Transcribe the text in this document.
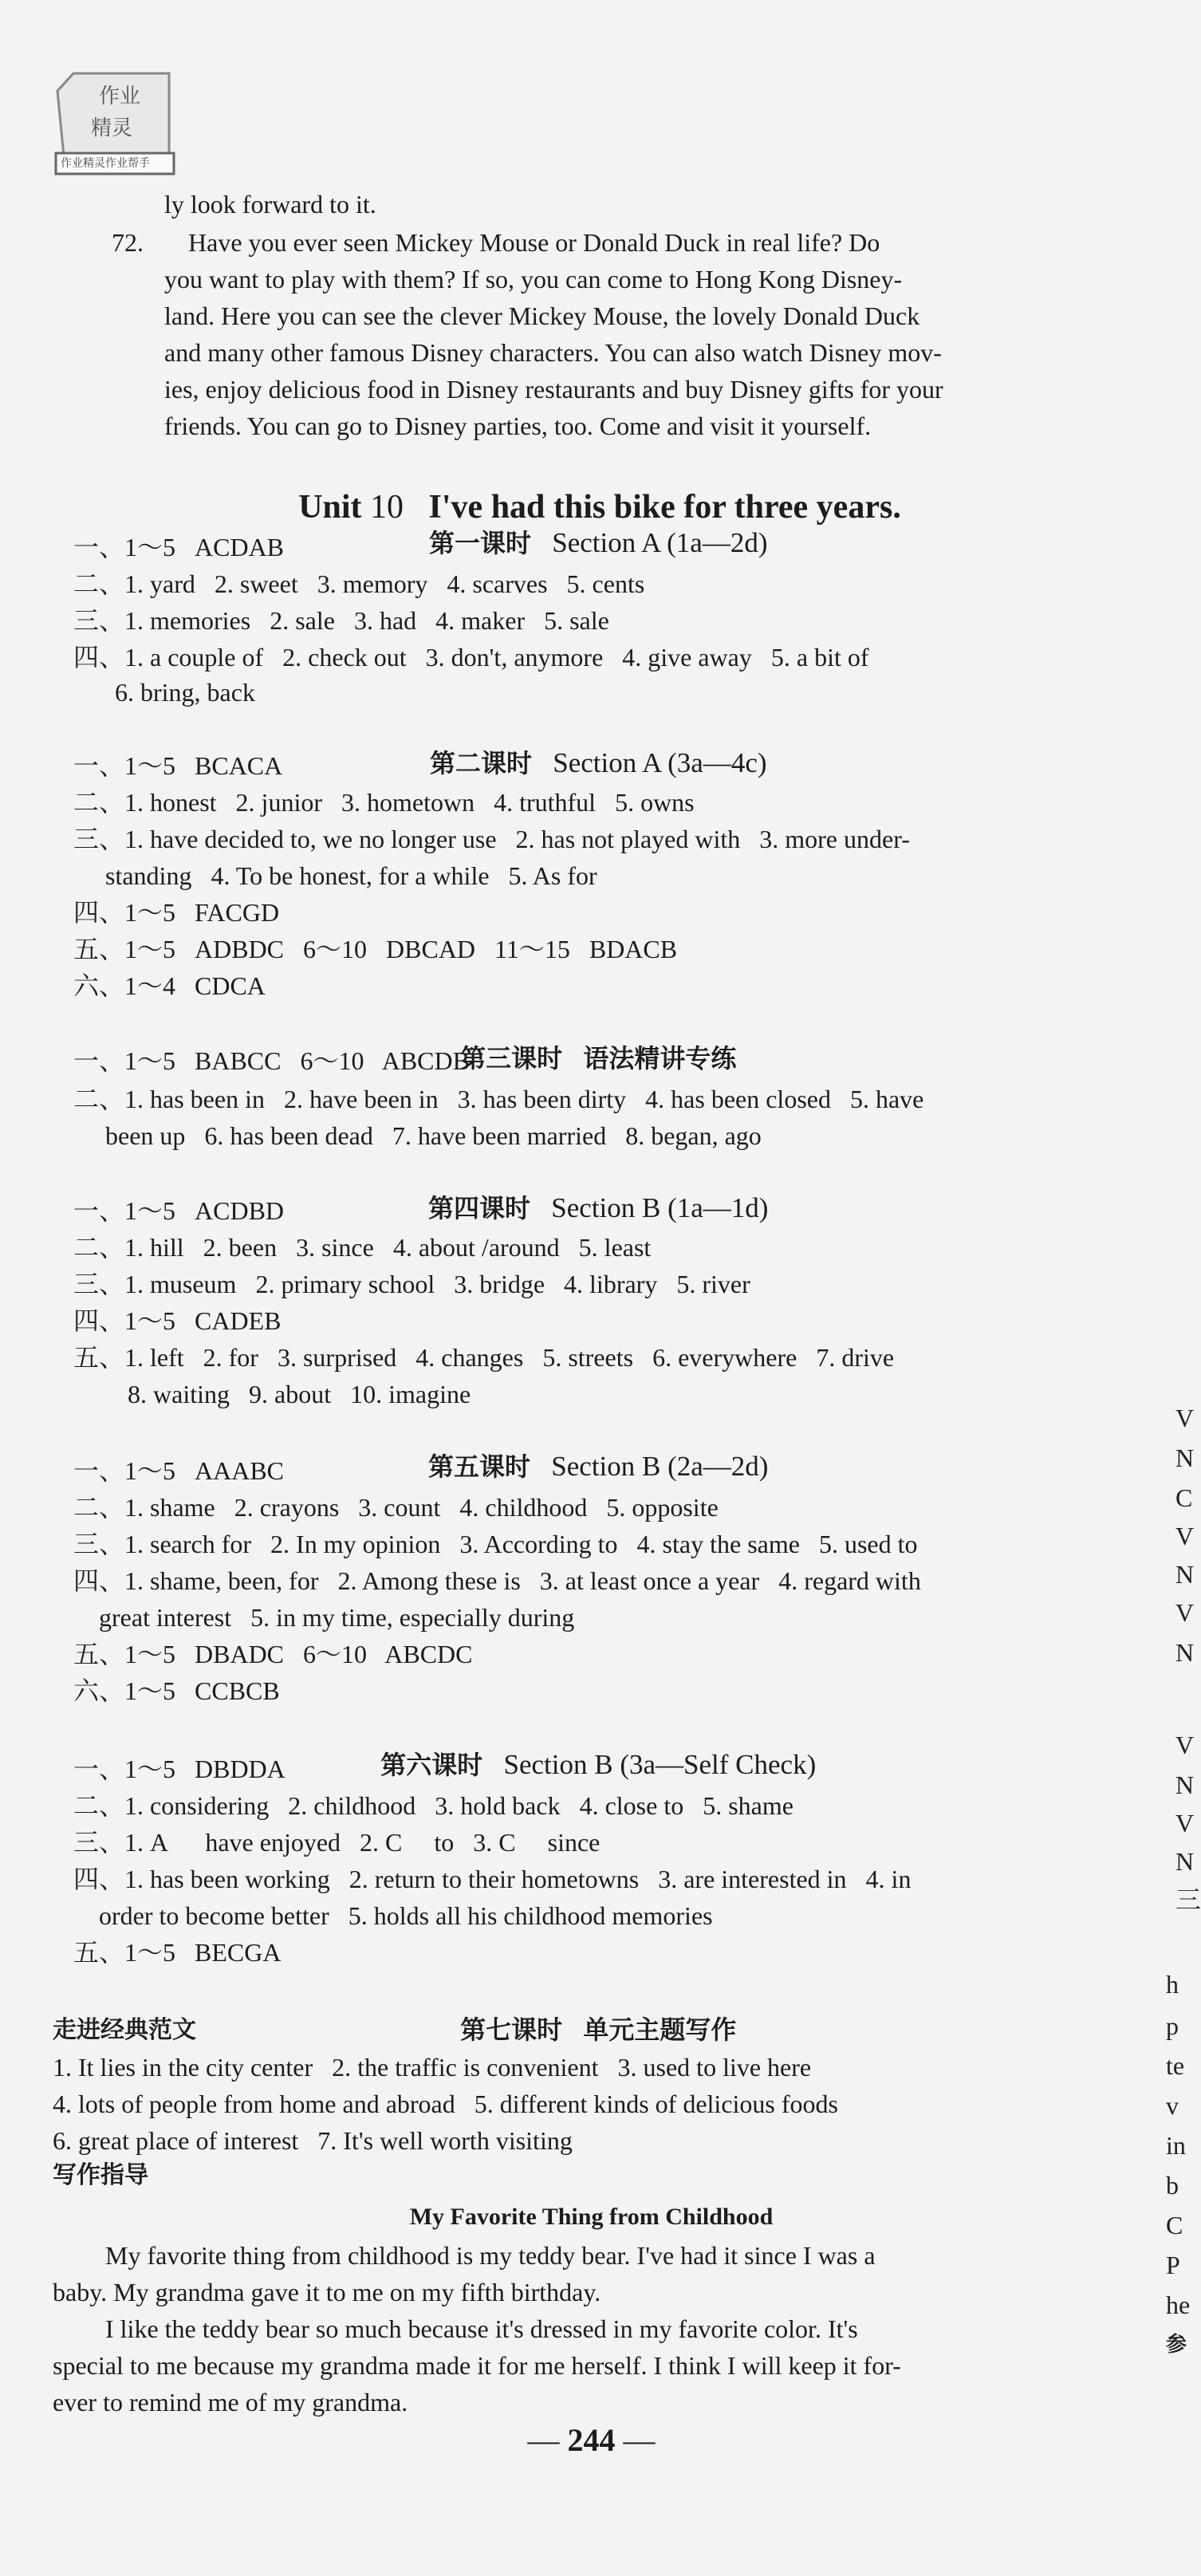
作业
精灵
作业精灵作业帮手
ly look forward to it.
72.       Have you ever seen Mickey Mouse or Donald Duck in real life? Do
you want to play with them? If so, you can come to Hong Kong Disney-
land. Here you can see the clever Mickey Mouse, the lovely Donald Duck
and many other famous Disney characters. You can also watch Disney mov-
ies, enjoy delicious food in Disney restaurants and buy Disney gifts for your
friends. You can go to Disney parties, too. Come and visit it yourself.

Unit 10 I've had this bike for three years.

第一课时 Section A (1a—2d)

一、1～5   ACDAB
二、1. yard   2. sweet   3. memory   4. scarves   5. cents
三、1. memories   2. sale   3. had   4. maker   5. sale
四、1. a couple of   2. check out   3. don't, anymore   4. give away   5. a bit of
6. bring, back

第二课时 Section A (3a—4c)

一、1～5   BCACA
二、1. honest   2. junior   3. hometown   4. truthful   5. owns
三、1. have decided to, we no longer use   2. has not played with   3. more under-
standing   4. To be honest, for a while   5. As for
四、1～5   FACGD
五、1～5   ADBDC   6～10   DBCAD   11～15   BDACB
六、1～4   CDCA

第三课时 语法精讲专练

一、1～5   BABCC   6～10   ABCDB
二、1. has been in   2. have been in   3. has been dirty   4. has been closed   5. have
been up   6. has been dead   7. have been married   8. began, ago

第四课时 Section B (1a—1d)

一、1～5   ACDBD
二、1. hill   2. been   3. since   4. about /around   5. least
三、1. museum   2. primary school   3. bridge   4. library   5. river
四、1～5   CADEB
五、1. left   2. for   3. surprised   4. changes   5. streets   6. everywhere   7. drive
8. waiting   9. about   10. imagine

第五课时 Section B (2a—2d)

一、1～5   AAABC
二、1. shame   2. crayons   3. count   4. childhood   5. opposite
三、1. search for   2. In my opinion   3. According to   4. stay the same   5. used to
四、1. shame, been, for   2. Among these is   3. at least once a year   4. regard with
great interest   5. in my time, especially during
五、1～5   DBADC   6～10   ABCDC
六、1～5   CCBCB

第六课时 Section B (3a—Self Check)

一、1～5   DBDDA
二、1. considering   2. childhood   3. hold back   4. close to   5. shame
三、1. A      have enjoyed   2. C     to   3. C     since
四、1. has been working   2. return to their hometowns   3. are interested in   4. in
order to become better   5. holds all his childhood memories
五、1～5   BECGA

第七课时 单元主题写作

走进经典范文
1. It lies in the city center   2. the traffic is convenient   3. used to live here
4. lots of people from home and abroad   5. different kinds of delicious foods
6. great place of interest   7. It's well worth visiting
写作指导
My Favorite Thing from Childhood
My favorite thing from childhood is my teddy bear. I've had it since I was a
baby. My grandma gave it to me on my fifth birthday.
I like the teddy bear so much because it's dressed in my favorite color. It's
special to me because my grandma made it for me herself. I think I will keep it for-
ever to remind me of my grandma.
— 244 —
V
N
C
V
N
V
N
V
N
V
N
三
h
p
te
v
in
b
C
P
he
参
